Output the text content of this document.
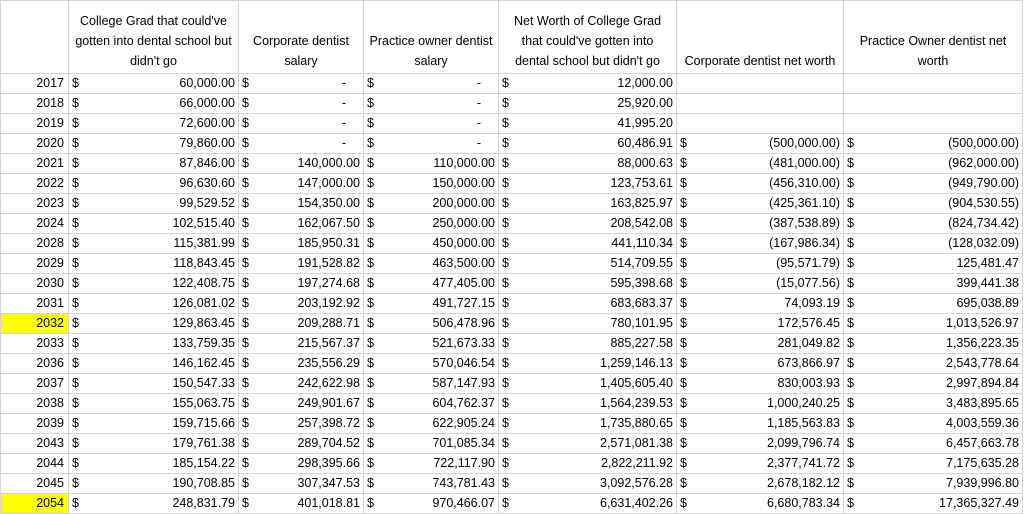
	College Grad that could've gotten into dental school but didn't go	Corporate dentist salary	Practice owner dentist salary	Net Worth of College Grad that could've gotten into dental school but didn't go	Corporate dentist net worth	Practice Owner dentist net worth
2017	$ 60,000.00	$ -	$ -	$ 12,000.00		

2018	$ 66,000.00	$ -	$ -	$ 25,920.00		

2019	$ 72,600.00	$ -	$ -	$ 41,995.20		

2020	$ 79,860.00	$ -	$ -	$ 60,486.91	$ (500,000.00)	$ (500,000.00)

2021	$ 87,846.00	$ 140,000.00	$ 110,000.00	$ 88,000.63	$ (481,000.00)	$ (962,000.00)

2022	$ 96,630.60	$ 147,000.00	$ 150,000.00	$ 123,753.61	$ (456,310.00)	$ (949,790.00)

2023	$ 99,529.52	$ 154,350.00	$ 200,000.00	$ 163,825.97	$ (425,361.10)	$ (904,530.55)

2024	$ 102,515.40	$ 162,067.50	$ 250,000.00	$ 208,542.08	$ (387,538.89)	$ (824,734.42)

2028	$ 115,381.99	$ 185,950.31	$ 450,000.00	$ 441,110.34	$ (167,986.34)	$ (128,032.09)

2029	$ 118,843.45	$ 191,528.82	$ 463,500.00	$ 514,709.55	$ (95,571.79)	$ 125,481.47

2030	$ 122,408.75	$ 197,274.68	$ 477,405.00	$ 595,398.68	$ (15,077.56)	$ 399,441.38

2031	$ 126,081.02	$ 203,192.92	$ 491,727.15	$ 683,683.37	$ 74,093.19	$ 695,038.89

2032	$ 129,863.45	$ 209,288.71	$ 506,478.96	$ 780,101.95	$ 172,576.45	$ 1,013,526.97

2033	$ 133,759.35	$ 215,567.37	$ 521,673.33	$ 885,227.58	$ 281,049.82	$ 1,356,223.35

2036	$ 146,162.45	$ 235,556.29	$ 570,046.54	$ 1,259,146.13	$ 673,866.97	$ 2,543,778.64

2037	$ 150,547.33	$ 242,622.98	$ 587,147.93	$ 1,405,605.40	$ 830,003.93	$ 2,997,894.84

2038	$ 155,063.75	$ 249,901.67	$ 604,762.37	$ 1,564,239.53	$ 1,000,240.25	$ 3,483,895.65

2039	$ 159,715.66	$ 257,398.72	$ 622,905.24	$ 1,735,880.65	$ 1,185,563.83	$ 4,003,559.36

2043	$ 179,761.38	$ 289,704.52	$ 701,085.34	$ 2,571,081.38	$ 2,099,796.74	$ 6,457,663.78

2044	$ 185,154.22	$ 298,395.66	$ 722,117.90	$ 2,822,211.92	$ 2,377,741.72	$ 7,175,635.28

2045	$ 190,708.85	$ 307,347.53	$ 743,781.43	$ 3,092,576.28	$ 2,678,182.12	$ 7,939,996.80

2054	$ 248,831.79	$ 401,018.81	$ 970,466.07	$ 6,631,402.26	$ 6,680,783.34	$ 17,365,327.49
